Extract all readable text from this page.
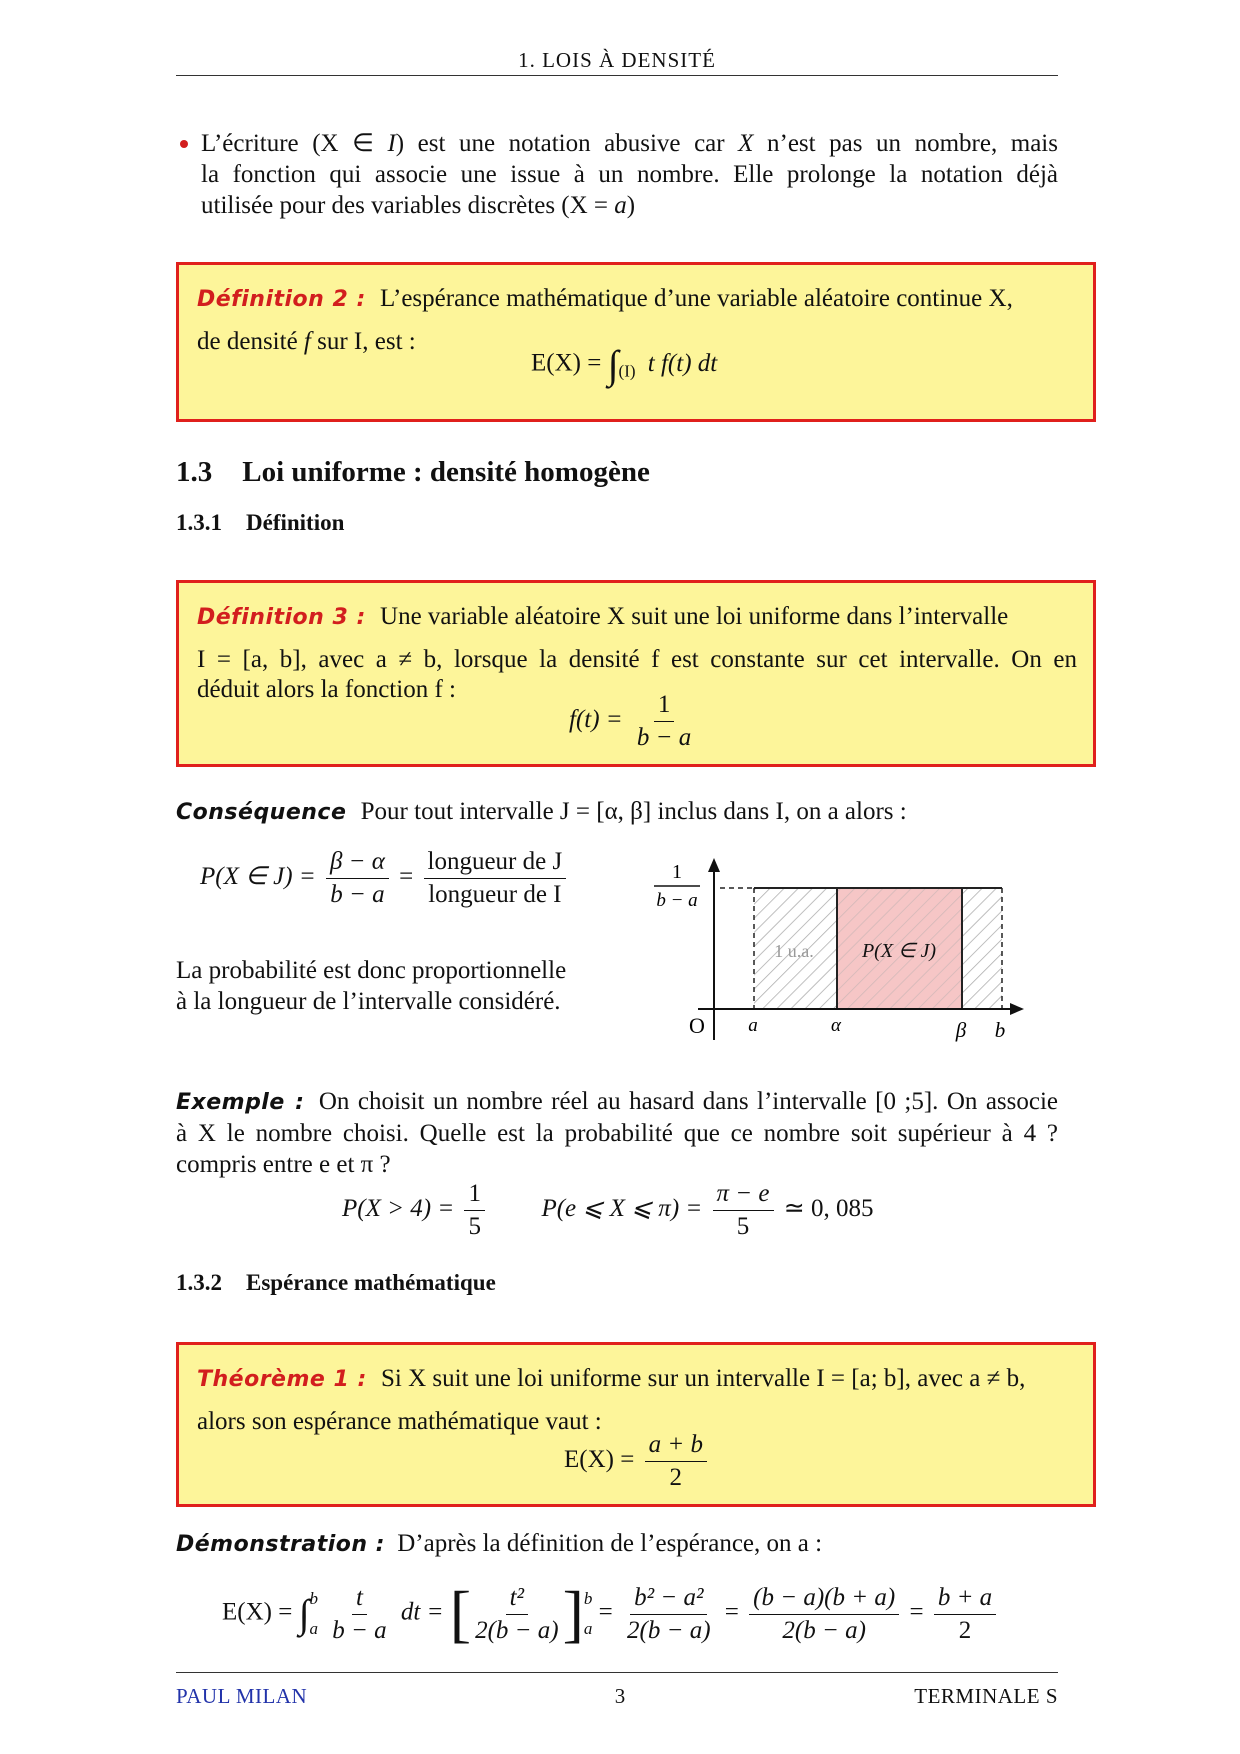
1. LOIS À DENSITÉ
L’écriture (X ∈ I) est une notation abusive car X n’est pas un nombre, mais
la fonction qui associe une issue à un nombre. Elle prolonge la notation déjà
utilisée pour des variables discrètes (X = a)
Définition 2 : L’espérance mathématique d’une variable aléatoire continue X,
de densité f sur I, est :
$E(X) = \int_{(I)}$ t f(t) dt
1.3 Loi uniforme : densité homogène
1.3.1 Définition
Définition 3 : Une variable aléatoire X suit une loi uniforme dans l’intervalle
I = [a, b], avec a ≠ b, lorsque la densité f est constante sur cet intervalle. On en
déduit alors la fonction f :
$f(t) = \frac{1}{b - a}$
Conséquence Pour tout intervalle J = [α, β] inclus dans I, on a alors :
P(X ∈ $J) = \frac{\beta - \alpha}{b - a} = \frac{\text{longueur de J}}{\text{longueur de I}}$
La probabilité est donc proportionnelle
à la longueur de l’intervalle considéré.
1 u.a. P(X ∈ J)
O a	α	β b
1
b − a
Exemple : On choisit un nombre réel au hasard dans l’intervalle [0 ;5]. On associe
à X le nombre choisi. Quelle est la probabilité que ce nombre soit supérieur à 4 ?
compris entre e et π ?
$P(X > 4) = \frac{1}{5} P(e$ ⩽ X ⩽ $\pi) = \frac{\pi - e}{5}$ ≃ 0, 085
1.3.2 Espérance mathématique
Théorème 1 : Si X suit une loi uniforme sur un intervalle I = [a; b], avec a ≠ b,
alors son espérance mathématique vaut :
$E(X) = \frac{a + b}{2}$
Démonstration : D’après la définition de l’espérance, on a :
E(X) = ∫ b
a
$\frac{t}{b - a}$ dt = [ $\frac{\text{t²}}{2(b - a)}$ ] b
a
= $\frac{\text{b² − a²}}{2(b - a)} = \frac{(b - a)(b + a)}{2(b - a)} = \frac{b + a}{2}$
PAUL MILAN	3	TERMINALE S
